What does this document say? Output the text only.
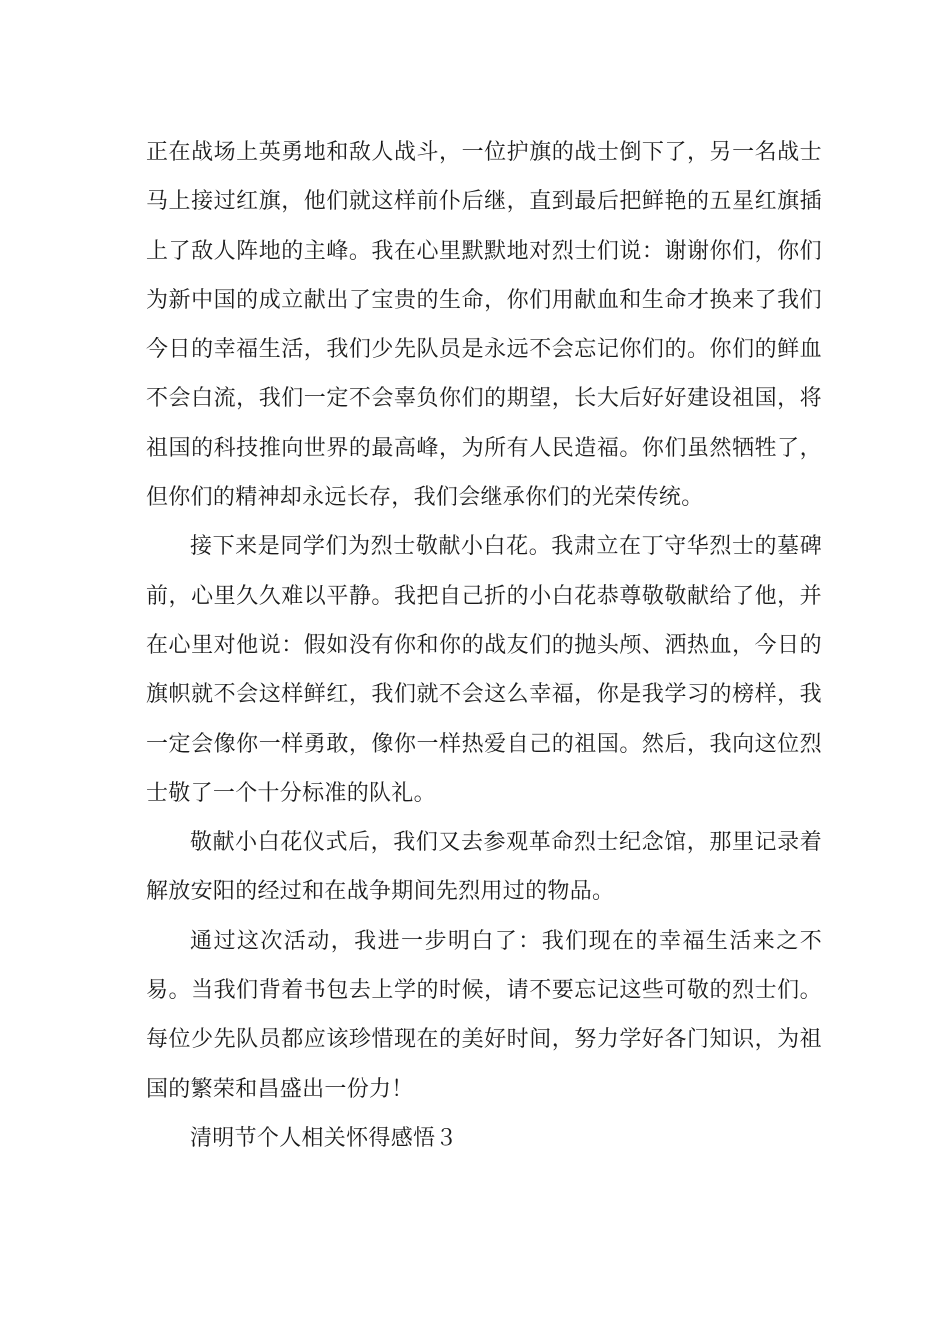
正在战场上英勇地和敌人战斗，一位护旗的战士倒下了，另一名战士马上接过红旗，他们就这样前仆后继，直到最后把鲜艳的五星红旗插上了敌人阵地的主峰。我在心里默默地对烈士们说：谢谢你们，你们为新中国的成立献出了宝贵的生命，你们用献血和生命才换来了我们今日的幸福生活，我们少先队员是永远不会忘记你们的。你们的鲜血不会白流，我们一定不会辜负你们的期望，长大后好好建设祖国，将祖国的科技推向世界的最高峰，为所有人民造福。你们虽然牺牲了，但你们的精神却永远长存，我们会继承你们的光荣传统。

接下来是同学们为烈士敬献小白花。我肃立在丁守华烈士的墓碑前，心里久久难以平静。我把自己折的小白花恭尊敬敬献给了他，并在心里对他说：假如没有你和你的战友们的抛头颅、洒热血，今日的旗帜就不会这样鲜红，我们就不会这么幸福，你是我学习的榜样，我一定会像你一样勇敢，像你一样热爱自己的祖国。然后，我向这位烈士敬了一个十分标准的队礼。

敬献小白花仪式后，我们又去参观革命烈士纪念馆，那里记录着解放安阳的经过和在战争期间先烈用过的物品。

通过这次活动，我进一步明白了：我们现在的幸福生活来之不易。当我们背着书包去上学的时候，请不要忘记这些可敬的烈士们。每位少先队员都应该珍惜现在的美好时间，努力学好各门知识，为祖国的繁荣和昌盛出一份力！

清明节个人相关怀得感悟３
